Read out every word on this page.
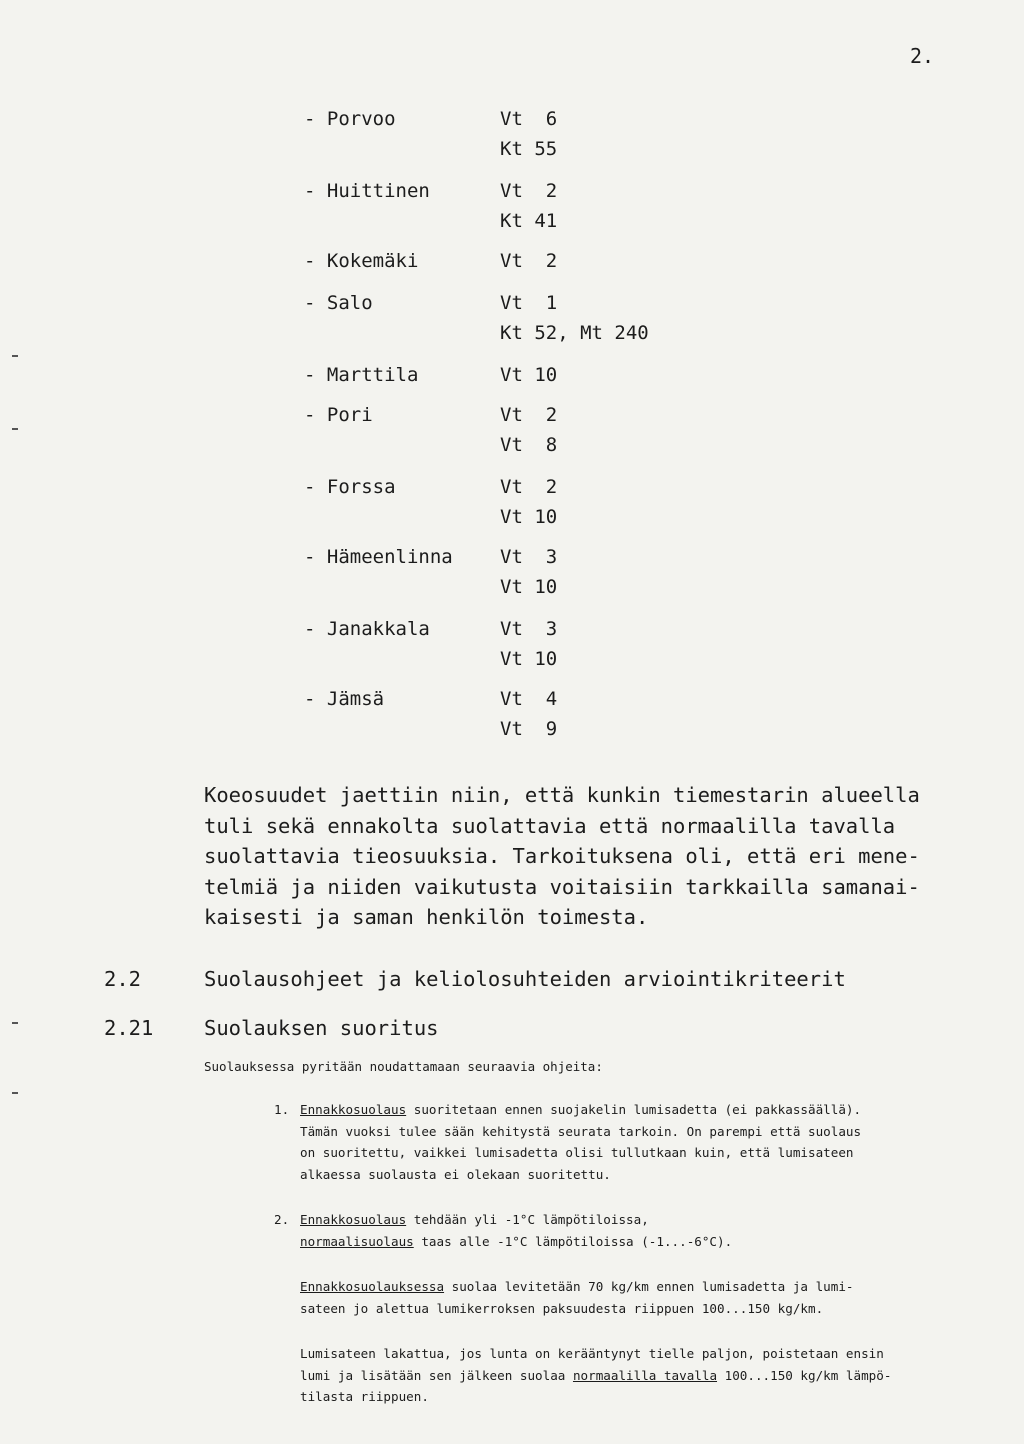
2.
- Porvoo	Vt  6
Kt 55
- Huittinen	Vt  2
Kt 41
- Kokemäki	Vt  2
- Salo	Vt  1
Kt 52, Mt 240
- Marttila	Vt 10
- Pori	Vt  2
Vt  8
- Forssa	Vt  2
Vt 10
- Hämeenlinna Vt  3
Vt 10
- Janakkala	Vt  3
Vt 10
- Jämsä	Vt  4
Vt  9
Koeosuudet jaettiin niin, että kunkin tiemestarin alueella
tuli sekä ennakolta suolattavia että normaalilla tavalla
suolattavia tieosuuksia. Tarkoituksena oli, että eri mene-
telmiä ja niiden vaikutusta voitaisiin tarkkailla samanai-
kaisesti ja saman henkilön toimesta.
2.2	Suolausohjeet ja keliolosuhteiden arviointikriteerit
2.21 Suolauksen suoritus
Suolauksessa pyritään noudattamaan seuraavia ohjeita:
1. Ennakkosuolaus suoritetaan ennen suojakelin lumisadetta (ei pakkassäällä).
Tämän vuoksi tulee sään kehitystä seurata tarkoin. On parempi että suolaus
on suoritettu, vaikkei lumisadetta olisi tullutkaan kuin, että lumisateen
alkaessa suolausta ei olekaan suoritettu.
2. Ennakkosuolaus tehdään yli -1°C lämpötiloissa,
normaalisuolaus taas alle -1°C lämpötiloissa (-1...-6°C).
Ennakkosuolauksessa suolaa levitetään 70 kg/km ennen lumisadetta ja lumi-
sateen jo alettua lumikerroksen paksuudesta riippuen 100...150 kg/km.
Lumisateen lakattua, jos lunta on kerääntynyt tielle paljon, poistetaan ensin
lumi ja lisätään sen jälkeen suolaa normaalilla tavalla 100...150 kg/km lämpö-
tilasta riippuen.
